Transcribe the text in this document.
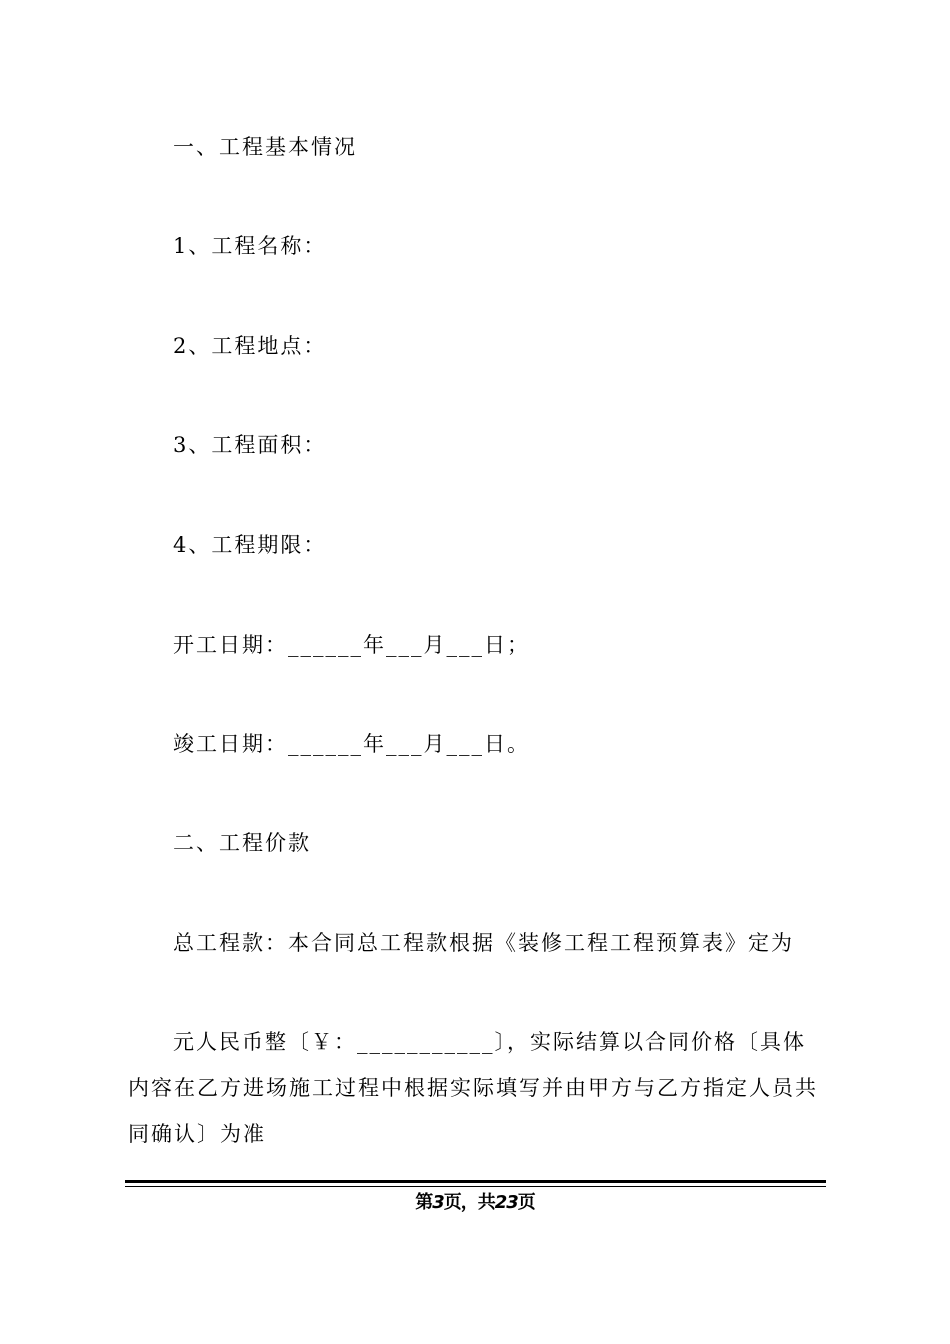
一、工程基本情况
1、工程名称：
2、工程地点：
3、工程面积：
4、工程期限：
开工日期：______年___月___日；
竣工日期：______年___月___日。
二、工程价款
总工程款：本合同总工程款根据《装修工程工程预算表》定为
元人民币整〔￥：___________〕，实际结算以合同价格〔具体内容在乙方进场施工过程中根据实际填写并由甲方与乙方指定人员共同确认〕为准
第3页，共23页
